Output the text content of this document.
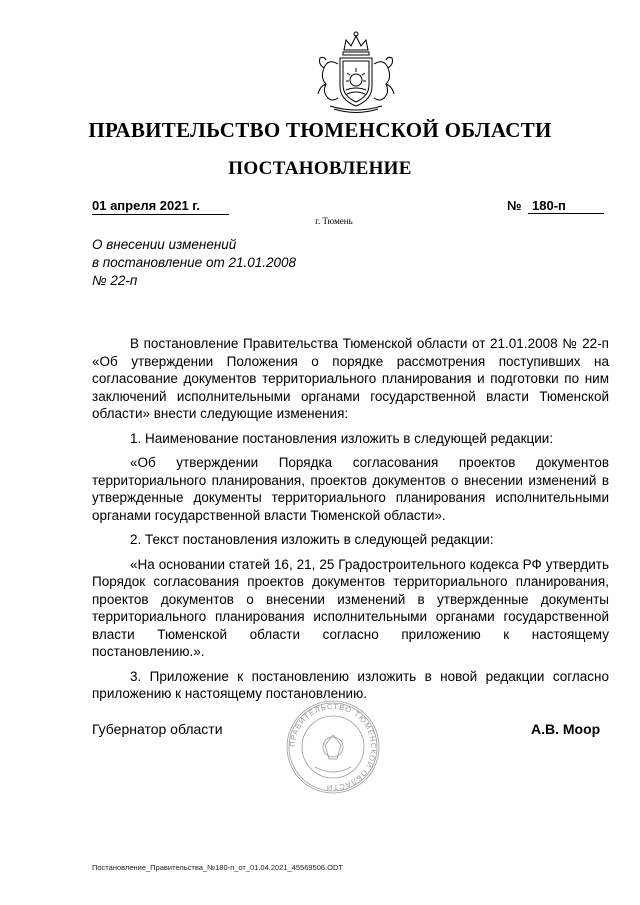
ПРАВИТЕЛЬСТВО ТЮМЕНСКОЙ ОБЛАСТИ
ПОСТАНОВЛЕНИЕ
01 апреля 2021 г.	№ 180-п
г. Тюмень
О внесении изменений
в постановление от 21.01.2008
№ 22-п

В постановление Правительства Тюменской области от 21.01.2008 № 22-п «Об утверждении Положения о порядке рассмотрения поступивших на согласование документов территориального планирования и подготовки по ним заключений исполнительными органами государственной власти Тюменской области» внести следующие изменения:

1. Наименование постановления изложить в следующей редакции:

«Об утверждении Порядка согласования проектов документов территориального планирования, проектов документов о внесении изменений в утвержденные документы территориального планирования исполнительными органами государственной власти Тюменской области».

2. Текст постановления изложить в следующей редакции:

«На основании статей 16, 21, 25 Градостроительного кодекса РФ утвердить Порядок согласования проектов документов территориального планирования, проектов документов о внесении изменений в утвержденные документы территориального планирования исполнительными органами государственной власти Тюменской области согласно приложению к настоящему постановлению.».

3. Приложение к постановлению изложить в новой редакции согласно приложению к настоящему постановлению.

ПРАВИТЕЛЬСТВО ТЮМЕНСКОЙ ОБЛАСТИ
Губернатор области	А.В. Моор
Постановление_Правительства_№180-п_от_01.04.2021_45569506.ODT
